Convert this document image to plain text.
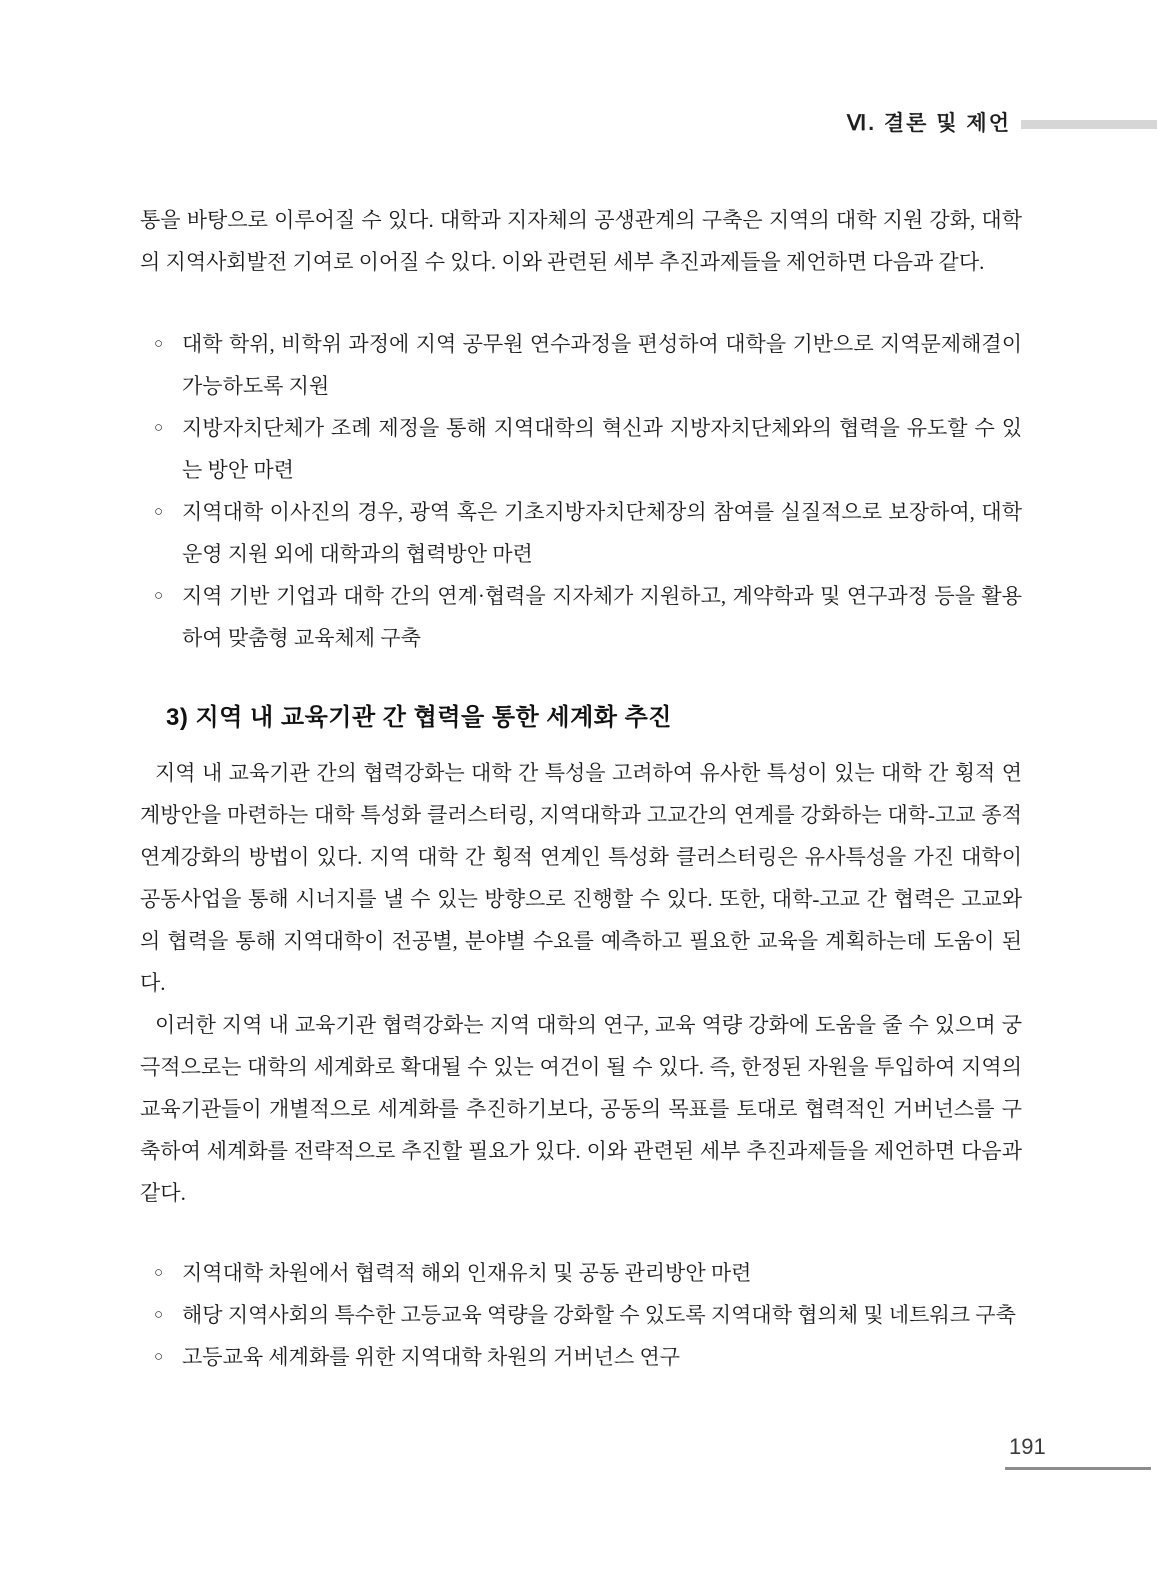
Ⅵ. 결론 및 제언

통을 바탕으로 이루어질 수 있다. 대학과 지자체의 공생관계의 구축은 지역의 대학 지원 강화, 대학의 지역사회발전 기여로 이어질 수 있다. 이와 관련된 세부 추진과제들을 제언하면 다음과 같다.

○ 대학 학위, 비학위 과정에 지역 공무원 연수과정을 편성하여 대학을 기반으로 지역문제해결이 가능하도록 지원
○ 지방자치단체가 조례 제정을 통해 지역대학의 혁신과 지방자치단체와의 협력을 유도할 수 있는 방안 마련
○ 지역대학 이사진의 경우, 광역 혹은 기초지방자치단체장의 참여를 실질적으로 보장하여, 대학 운영 지원 외에 대학과의 협력방안 마련
○ 지역 기반 기업과 대학 간의 연계·협력을 지자체가 지원하고, 계약학과 및 연구과정 등을 활용하여 맞춤형 교육체제 구축
3) 지역 내 교육기관 간 협력을 통한 세계화 추진

지역 내 교육기관 간의 협력강화는 대학 간 특성을 고려하여 유사한 특성이 있는 대학 간 횡적 연계방안을 마련하는 대학 특성화 클러스터링, 지역대학과 고교간의 연계를 강화하는 대학-고교 종적 연계강화의 방법이 있다. 지역 대학 간 횡적 연계인 특성화 클러스터링은 유사특성을 가진 대학이 공동사업을 통해 시너지를 낼 수 있는 방향으로 진행할 수 있다. 또한, 대학-고교 간 협력은 고교와의 협력을 통해 지역대학이 전공별, 분야별 수요를 예측하고 필요한 교육을 계획하는데 도움이 된다.

이러한 지역 내 교육기관 협력강화는 지역 대학의 연구, 교육 역량 강화에 도움을 줄 수 있으며 궁극적으로는 대학의 세계화로 확대될 수 있는 여건이 될 수 있다. 즉, 한정된 자원을 투입하여 지역의 교육기관들이 개별적으로 세계화를 추진하기보다, 공동의 목표를 토대로 협력적인 거버넌스를 구축하여 세계화를 전략적으로 추진할 필요가 있다. 이와 관련된 세부 추진과제들을 제언하면 다음과 같다.

○ 지역대학 차원에서 협력적 해외 인재유치 및 공동 관리방안 마련
○ 해당 지역사회의 특수한 고등교육 역량을 강화할 수 있도록 지역대학 협의체 및 네트워크 구축
○ 고등교육 세계화를 위한 지역대학 차원의 거버넌스 연구
191
